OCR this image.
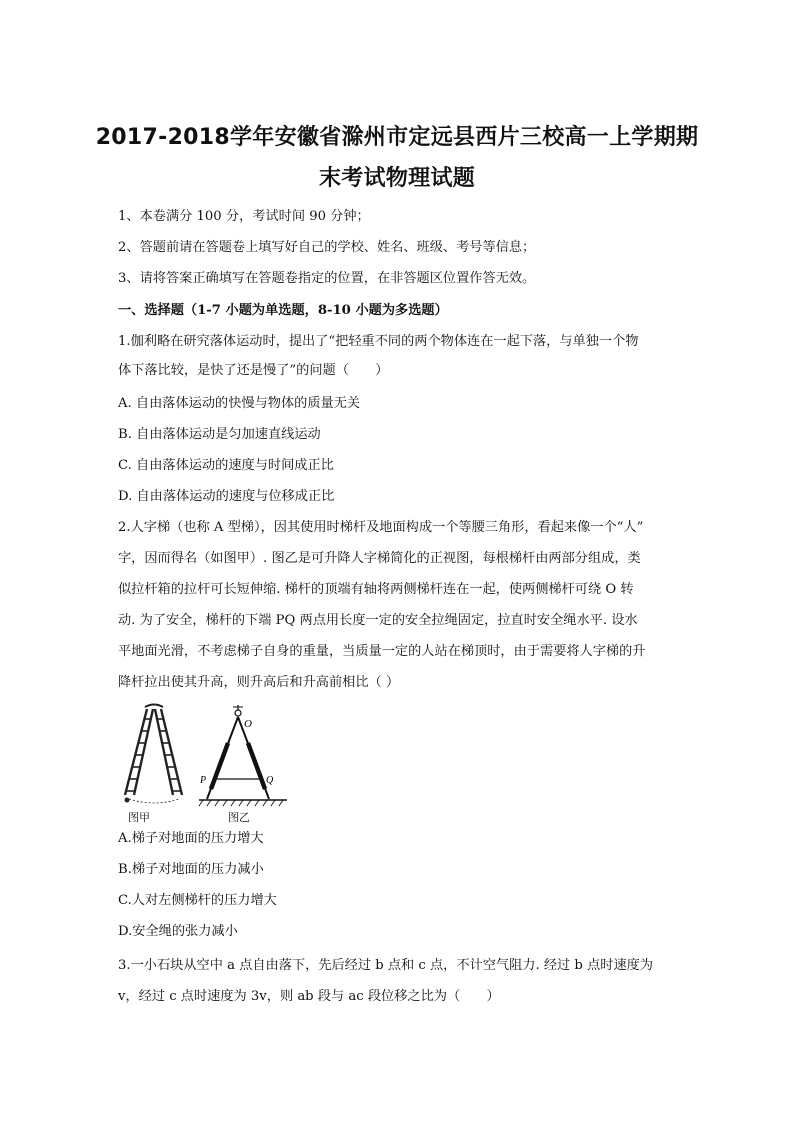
2017-2018学年安徽省滁州市定远县西片三校高一上学期期
末考试物理试题
1、本卷满分 100 分，考试时间 90 分钟；
2、答题前请在答题卷上填写好自己的学校、姓名、班级、考号等信息；
3、请将答案正确填写在答题卷指定的位置，在非答题区位置作答无效。
一、选择题（1-7 小题为单选题，8-10 小题为多选题）
1.伽利略在研究落体运动时，提出了“把轻重不同的两个物体连在一起下落，与单独一个物
体下落比较，是快了还是慢了”的问题（　　）
A. 自由落体运动的快慢与物体的质量无关
B. 自由落体运动是匀加速直线运动
C. 自由落体运动的速度与时间成正比
D. 自由落体运动的速度与位移成正比
2.人字梯（也称 A 型梯），因其使用时梯杆及地面构成一个等腰三角形，看起来像一个“人”
字，因而得名（如图甲）. 图乙是可升降人字梯简化的正视图，每根梯杆由两部分组成，类
似拉杆箱的拉杆可长短伸缩. 梯杆的顶端有轴将两侧梯杆连在一起，使两侧梯杆可绕 O 转
动. 为了安全，梯杆的下端 PQ 两点用长度一定的安全拉绳固定，拉直时安全绳水平. 设水
平地面光滑，不考虑梯子自身的重量，当质量一定的人站在梯顶时，由于需要将人字梯的升
降杆拉出使其升高，则升高后和升高前相比（ ）
O
P	Q
图甲	图乙
A.梯子对地面的压力增大
B.梯子对地面的压力减小
C.人对左侧梯杆的压力增大
D.安全绳的张力减小
3.一小石块从空中 a 点自由落下，先后经过 b 点和 c 点，不计空气阻力. 经过 b 点时速度为
v，经过 c 点时速度为 3v，则 ab 段与 ac 段位移之比为（　　）
